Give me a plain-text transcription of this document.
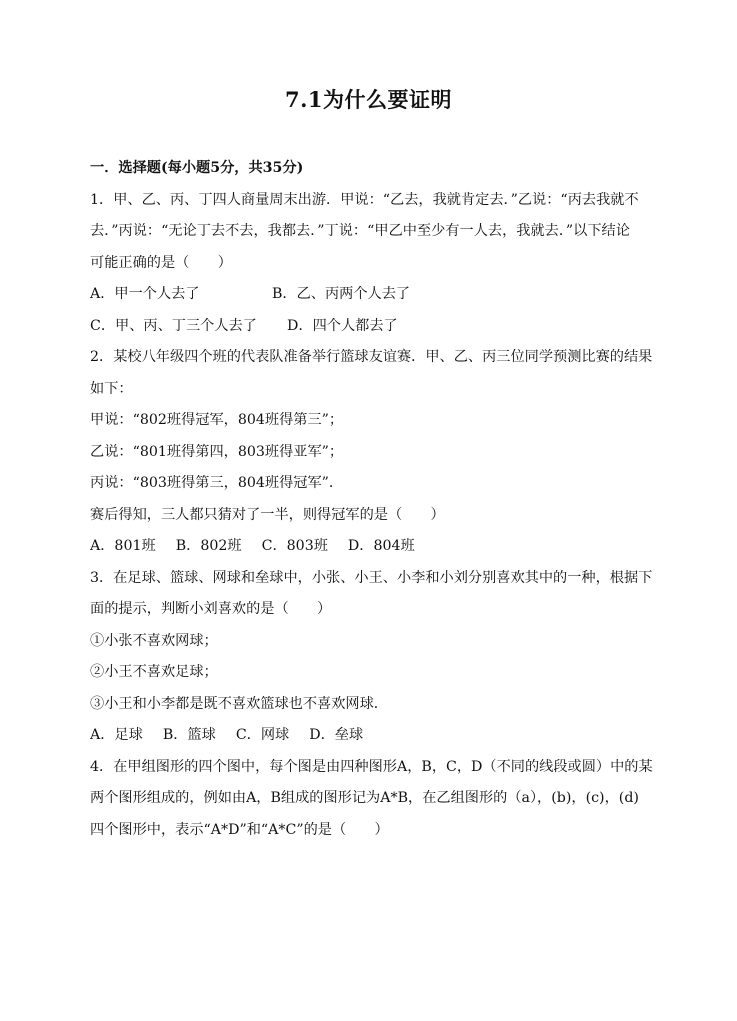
7.1为什么要证明
一．选择题(每小题5分，共35分)
1．甲、乙、丙、丁四人商量周末出游．甲说：“乙去，我就肯定去．”乙说：“丙去我就不
去．”丙说：“无论丁去不去，我都去．”丁说：“甲乙中至少有一人去，我就去．”以下结论
可能正确的是（　　）
A．甲一个人去了	B．乙、丙两个人去了
C．甲、丙、丁三个人去了	D．四个人都去了
2．某校八年级四个班的代表队准备举行篮球友谊赛．甲、乙、丙三位同学预测比赛的结果
如下：
甲说：“802班得冠军，804班得第三”；
乙说：“801班得第四，803班得亚军”；
丙说：“803班得第三，804班得冠军”．
赛后得知，三人都只猜对了一半，则得冠军的是（　　）
A．801班 B．802班 C．803班 D．804班
3．在足球、篮球、网球和垒球中，小张、小王、小李和小刘分别喜欢其中的一种，根据下
面的提示，判断小刘喜欢的是（　　）
①小张不喜欢网球；
②小王不喜欢足球；
③小王和小李都是既不喜欢篮球也不喜欢网球．
A．足球 B．篮球 C．网球 D．垒球
4．在甲组图形的四个图中，每个图是由四种图形A，B，C，D（不同的线段或圆）中的某
两个图形组成的，例如由A，B组成的图形记为A*B，在乙组图形的（a），(b)，(c)，(d)
四个图形中，表示“A*D”和“A*C”的是（　　）
